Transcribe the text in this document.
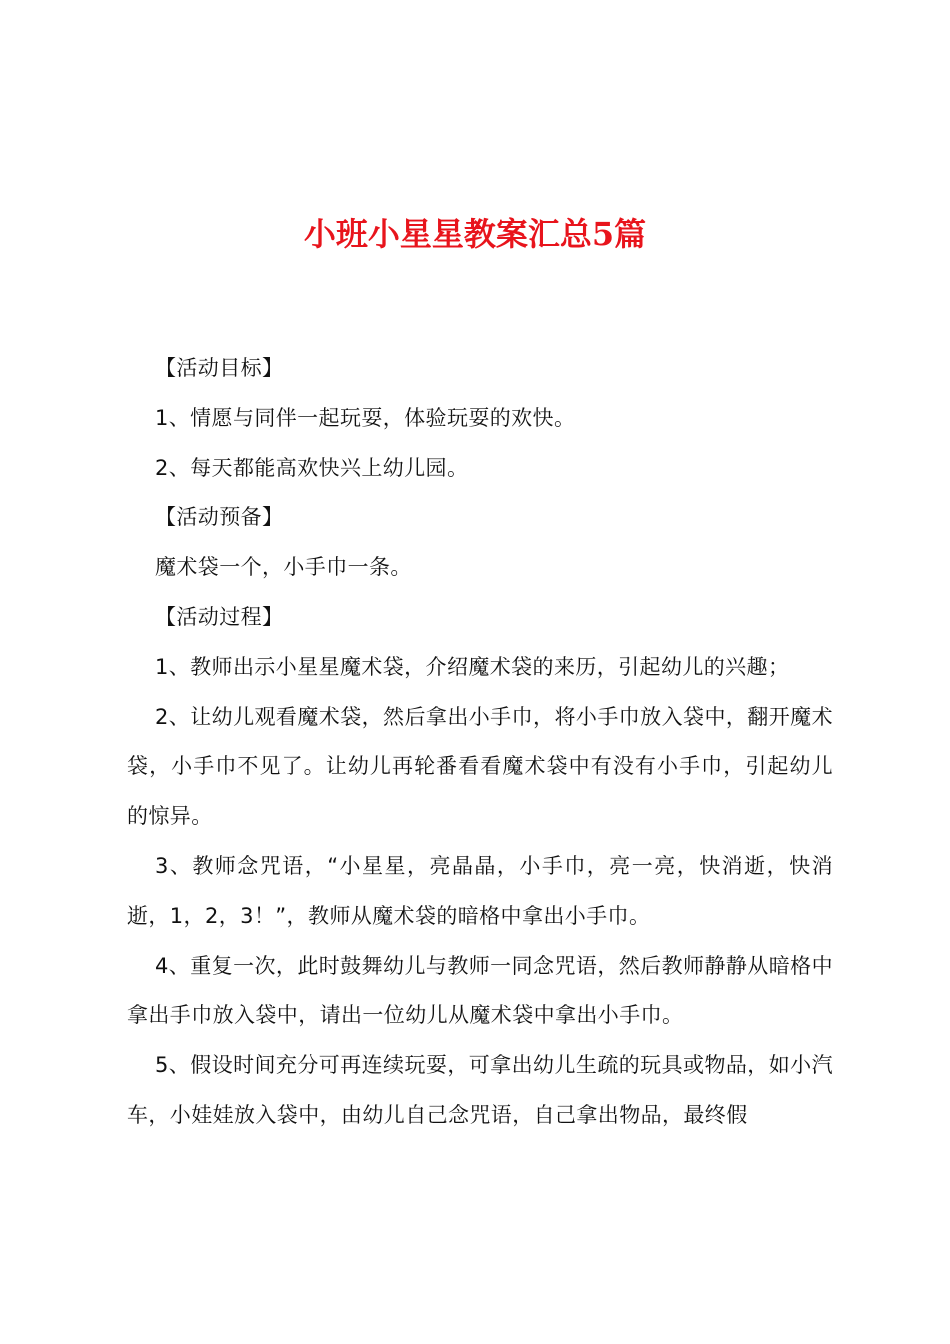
小班小星星教案汇总5篇

【活动目标】

1、情愿与同伴一起玩耍，体验玩耍的欢快。

2、每天都能高欢快兴上幼儿园。

【活动预备】

魔术袋一个，小手巾一条。

【活动过程】

1、教师出示小星星魔术袋，介绍魔术袋的来历，引起幼儿的兴趣；

2、让幼儿观看魔术袋，然后拿出小手巾，将小手巾放入袋中，翻开魔术袋，小手巾不见了。让幼儿再轮番看看魔术袋中有没有小手巾，引起幼儿的惊异。

3、教师念咒语，“小星星，亮晶晶，小手巾，亮一亮，快消逝，快消逝，1，2，3！”，教师从魔术袋的暗格中拿出小手巾。

4、重复一次，此时鼓舞幼儿与教师一同念咒语，然后教师静静从暗格中拿出手巾放入袋中，请出一位幼儿从魔术袋中拿出小手巾。

5、假设时间充分可再连续玩耍，可拿出幼儿生疏的玩具或物品，如小汽车，小娃娃放入袋中，由幼儿自己念咒语，自己拿出物品，最终假
